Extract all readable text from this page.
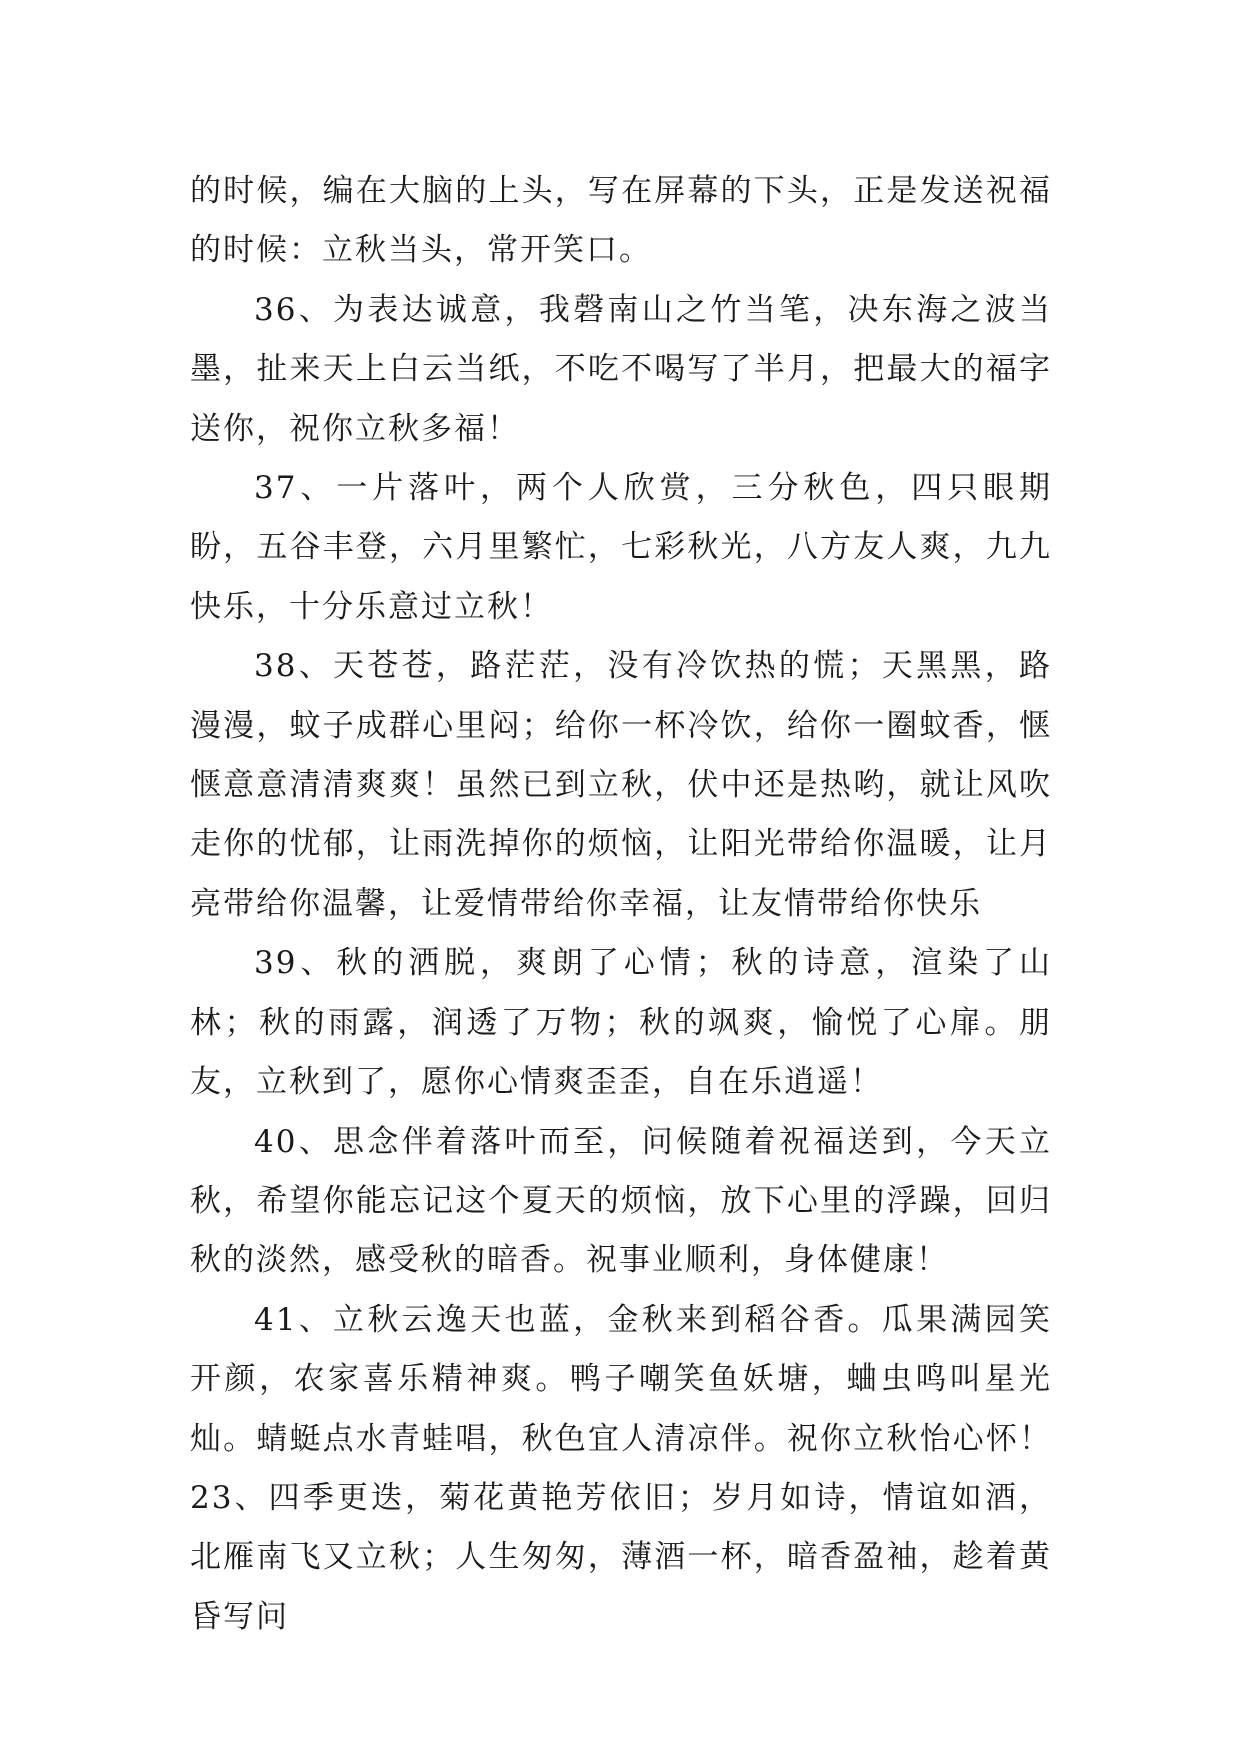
的时候，编在大脑的上头，写在屏幕的下头，正是发送祝福的时候：立秋当头，常开笑口。

36、为表达诚意，我磬南山之竹当笔，决东海之波当墨，扯来天上白云当纸，不吃不喝写了半月，把最大的福字送你，祝你立秋多福！

37、一片落叶，两个人欣赏，三分秋色，四只眼期盼，五谷丰登，六月里繁忙，七彩秋光，八方友人爽，九九快乐，十分乐意过立秋！

38、天苍苍，路茫茫，没有冷饮热的慌；天黑黑，路漫漫，蚊子成群心里闷；给你一杯冷饮，给你一圈蚊香，惬惬意意清清爽爽！虽然已到立秋，伏中还是热哟，就让风吹走你的忧郁，让雨洗掉你的烦恼，让阳光带给你温暖，让月亮带给你温馨，让爱情带给你幸福，让友情带给你快乐

39、秋的洒脱，爽朗了心情；秋的诗意，渲染了山林；秋的雨露，润透了万物；秋的飒爽，愉悦了心扉。朋友，立秋到了，愿你心情爽歪歪，自在乐逍遥！

40、思念伴着落叶而至，问候随着祝福送到，今天立秋，希望你能忘记这个夏天的烦恼，放下心里的浮躁，回归秋的淡然，感受秋的暗香。祝事业顺利，身体健康！

41、立秋云逸天也蓝，金秋来到稻谷香。瓜果满园笑开颜，农家喜乐精神爽。鸭子嘲笑鱼妖塘，蛐虫鸣叫星光灿。蜻蜓点水青蛙唱，秋色宜人清凉伴。祝你立秋怡心怀！ 23、四季更迭，菊花黄艳芳依旧；岁月如诗，情谊如酒，北雁南飞又立秋；人生匆匆，薄酒一杯，暗香盈袖，趁着黄昏写问
